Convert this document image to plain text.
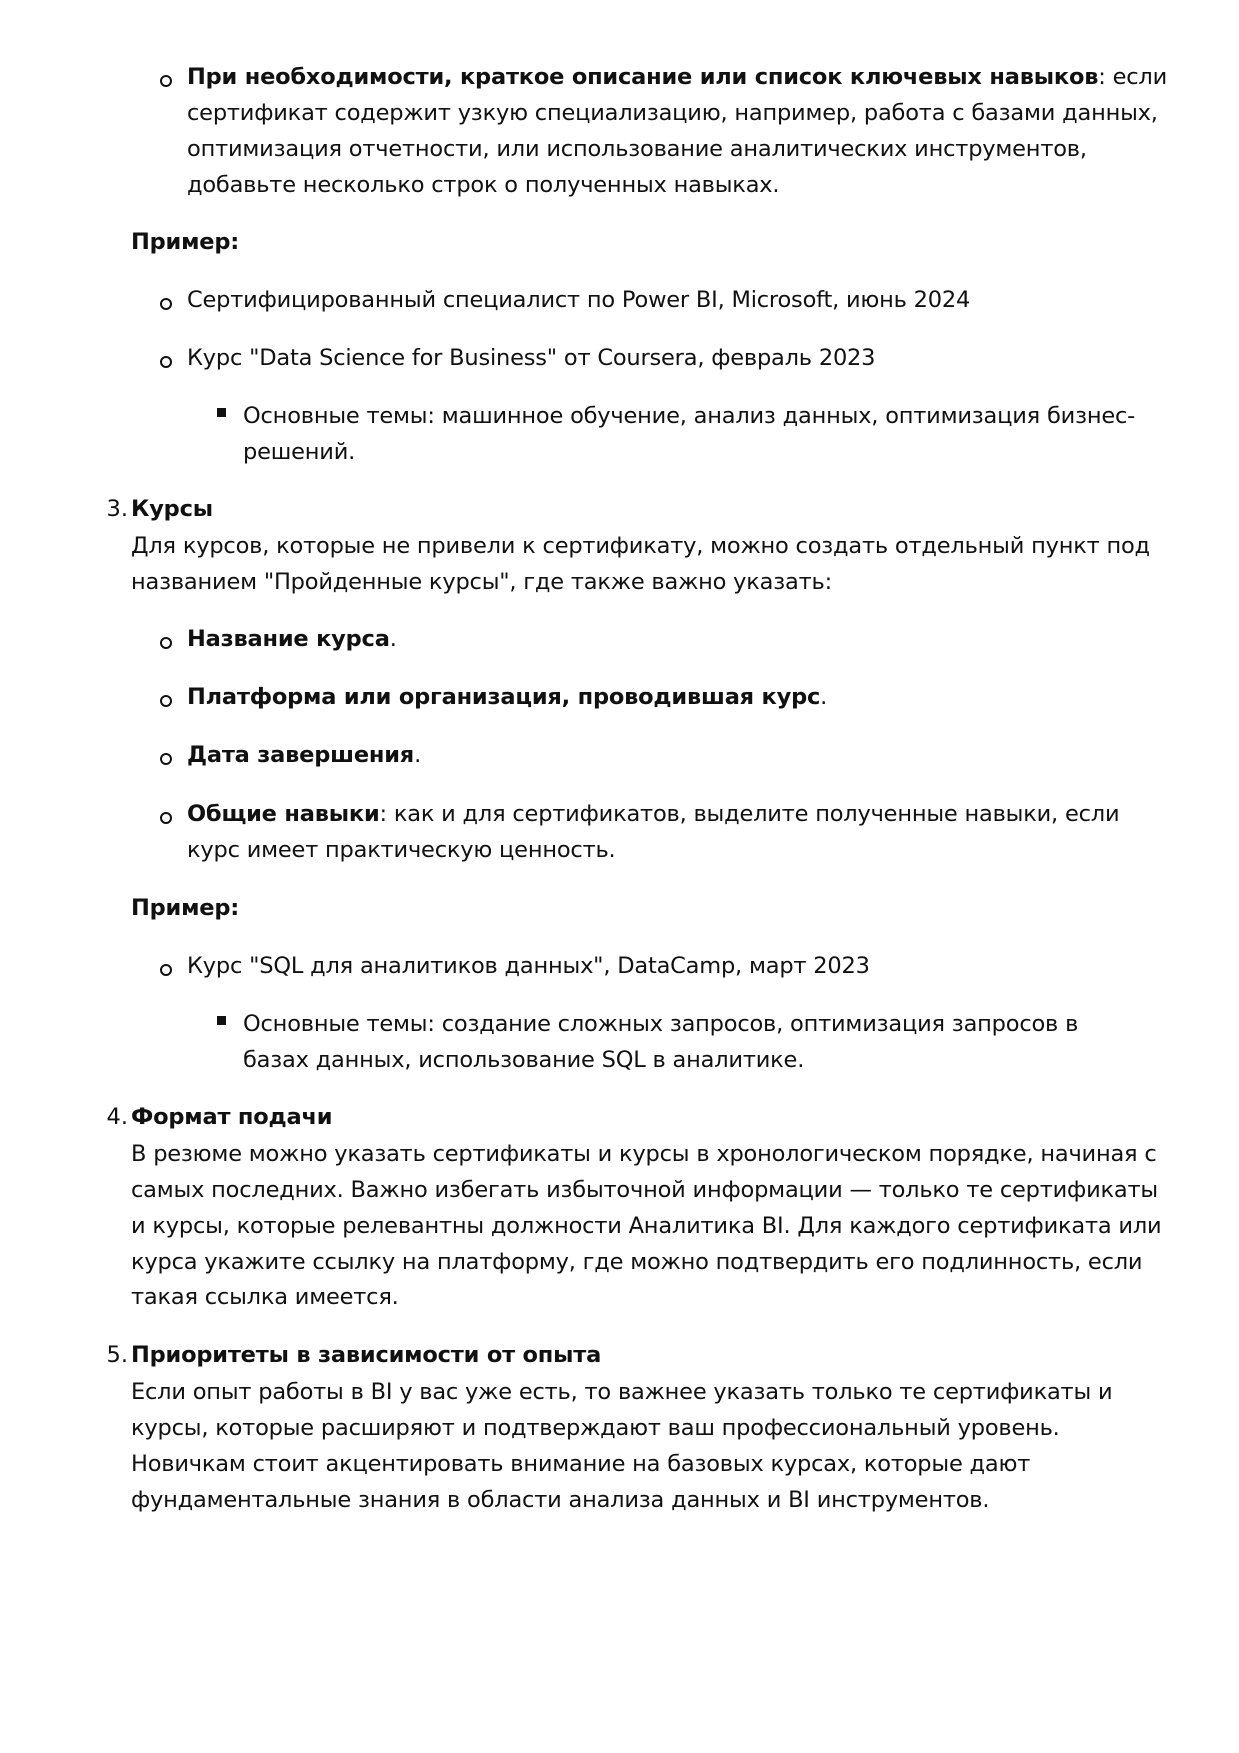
При необходимости, краткое описание или список ключевых навыков: если
сертификат содержит узкую специализацию, например, работа с базами данных,
оптимизация отчетности, или использование аналитических инструментов,
добавьте несколько строк о полученных навыках.
Пример:
Сертифицированный специалист по Power BI, Microsoft, июнь 2024
Курс "Data Science for Business" от Coursera, февраль 2023
Основные темы: машинное обучение, анализ данных, оптимизация бизнес-
решений.
3. Курсы
Для курсов, которые не привели к сертификату, можно создать отдельный пункт под
названием "Пройденные курсы", где также важно указать:
Название курса.
Платформа или организация, проводившая курс.
Дата завершения.
Общие навыки: как и для сертификатов, выделите полученные навыки, если
курс имеет практическую ценность.
Пример:
Курс "SQL для аналитиков данных", DataCamp, март 2023
Основные темы: создание сложных запросов, оптимизация запросов в
базах данных, использование SQL в аналитике.
4. Формат подачи
В резюме можно указать сертификаты и курсы в хронологическом порядке, начиная с
самых последних. Важно избегать избыточной информации — только те сертификаты
и курсы, которые релевантны должности Аналитика BI. Для каждого сертификата или
курса укажите ссылку на платформу, где можно подтвердить его подлинность, если
такая ссылка имеется.
5. Приоритеты в зависимости от опыта
Если опыт работы в BI у вас уже есть, то важнее указать только те сертификаты и
курсы, которые расширяют и подтверждают ваш профессиональный уровень.
Новичкам стоит акцентировать внимание на базовых курсах, которые дают
фундаментальные знания в области анализа данных и BI инструментов.
